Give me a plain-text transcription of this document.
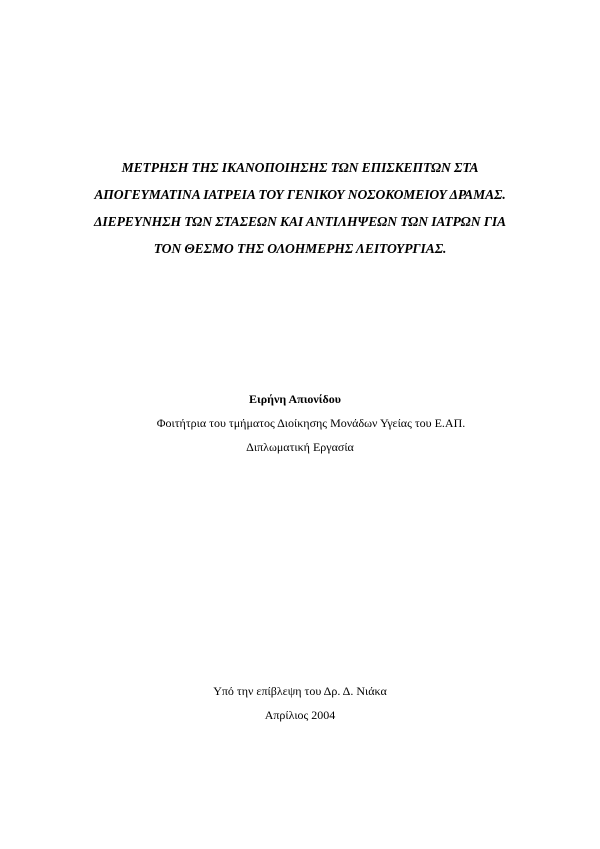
ΜΕΤΡΗΣΗ ΤΗΣ ΙΚΑΝΟΠΟΙΗΣΗΣ ΤΩΝ ΕΠΙΣΚΕΠΤΩΝ ΣΤΑ
ΑΠΟΓΕΥΜΑΤΙΝΑ ΙΑΤΡΕΙΑ ΤΟΥ ΓΕΝΙΚΟΥ ΝΟΣΟΚΟΜΕΙΟΥ ΔΡΑΜΑΣ.
ΔΙΕΡΕΥΝΗΣΗ ΤΩΝ ΣΤΑΣΕΩΝ ΚΑΙ ΑΝΤΙΛΗΨΕΩΝ ΤΩΝ ΙΑΤΡΩΝ ΓΙΑ
ΤΟΝ ΘΕΣΜΟ ΤΗΣ ΟΛΟΗΜΕΡΗΣ ΛΕΙΤΟΥΡΓΙΑΣ.
Ειρήνη Απιονίδου
Φοιτήτρια του τμήματος Διοίκησης Μονάδων Υγείας του Ε.ΑΠ.
Διπλωματική Εργασία
Υπό την επίβλεψη του Δρ. Δ. Νιάκα
Απρίλιος 2004
